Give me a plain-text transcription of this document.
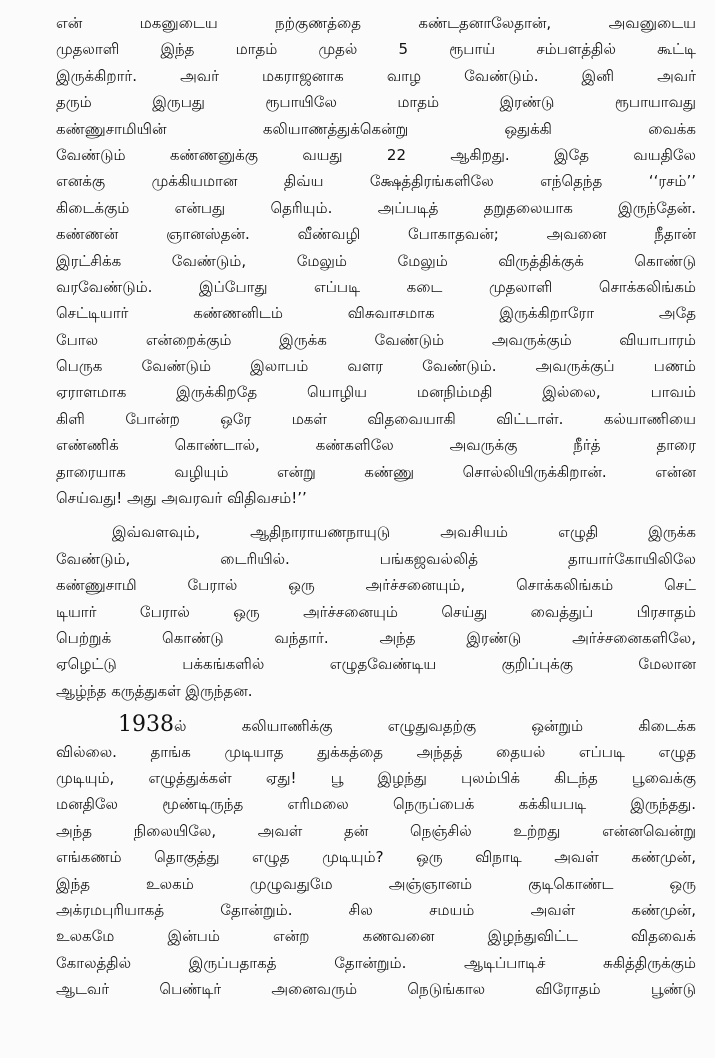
என் மகனுடைய நற்குணத்தை கண்டதனாலேதான், அவனுடைய
முதலாளி இந்த மாதம் முதல் 5 ரூபாய் சம்பளத்தில் கூட்டி
இருக்கிறார். அவர் மகராஜனாக வாழ வேண்டும். இனி அவர்
தரும் இருபது ரூபாயிலே மாதம் இரண்டு ரூபாயாவது
கண்ணுசாமியின் கலியாணத்துக்கென்று ஒதுக்கி வைக்க
வேண்டும் கண்ணனுக்கு வயது 22 ஆகிறது. இதே வயதிலே
எனக்கு முக்கியமான திவ்ய க்ஷேத்திரங்களிலே எந்தெந்த ‘‘ரசம்’’
கிடைக்கும் என்பது தெரியும். அப்படித் தறுதலையாக இருந்தேன்.
கண்ணன் ஞானஸ்தன். வீண்வழி போகாதவன்; அவனை நீதான்
இரட்சிக்க வேண்டும், மேலும் மேலும் விருத்திக்குக் கொண்டு
வரவேண்டும். இப்போது எப்படி கடை முதலாளி சொக்கலிங்கம்
செட்டியார் கண்ணனிடம் விசுவாசமாக இருக்கிறாரோ அதே
போல என்றைக்கும் இருக்க வேண்டும் அவருக்கும் வியாபாரம்
பெருக வேண்டும் இலாபம் வளர வேண்டும். அவருக்குப் பணம்
ஏராளமாக இருக்கிறதே யொழிய மனநிம்மதி இல்லை, பாவம்
கிளி போன்ற ஒரே மகள் விதவையாகி விட்டாள். கல்யாணியை
எண்ணிக் கொண்டால், கண்களிலே அவருக்கு நீர்த் தாரை
தாரையாக வழியும் என்று கண்ணு சொல்லியிருக்கிறான். என்ன
செய்வது! அது அவரவர் விதிவசம்!’’
இவ்வளவும், ஆதிநாராயணநாயுடு அவசியம் எழுதி இருக்க
வேண்டும், டைரியில். பங்கஜவல்லித் தாயார்கோயிலிலே
கண்ணுசாமி பேரால் ஒரு அர்ச்சனையும், சொக்கலிங்கம் செட்
டியார் பேரால் ஒரு அர்ச்சனையும் செய்து வைத்துப் பிரசாதம்
பெற்றுக் கொண்டு வந்தார். அந்த இரண்டு அர்ச்சனைகளிலே,
ஏழெட்டு பக்கங்களில் எழுதவேண்டிய குறிப்புக்கு மேலான
ஆழ்ந்த கருத்துகள் இருந்தன.
1938ல் கலியாணிக்கு எழுதுவதற்கு ஒன்றும் கிடைக்க
வில்லை. தாங்க முடியாத துக்கத்தை அந்தத் தையல் எப்படி எழுத
முடியும், எழுத்துக்கள் ஏது! பூ இழந்து புலம்பிக் கிடந்த பூவைக்கு
மனதிலே மூண்டிருந்த எரிமலை நெருப்பைக் கக்கியபடி இருந்தது.
அந்த நிலையிலே, அவள் தன் நெஞ்சில் உற்றது என்னவென்று
எங்கணம் தொகுத்து எழுத முடியும்? ஒரு விநாடி அவள் கண்முன்,
இந்த உலகம் முழுவதுமே அஞ்ஞானம் குடிகொண்ட ஒரு
அக்ரமபுரியாகத் தோன்றும். சில சமயம் அவள் கண்முன்,
உலகமே இன்பம் என்ற கணவனை இழந்துவிட்ட விதவைக்
கோலத்தில் இருப்பதாகத் தோன்றும். ஆடிப்பாடிச் சுகித்திருக்கும்
ஆடவர் பெண்டிர் அனைவரும் நெடுங்கால விரோதம் பூண்டு
